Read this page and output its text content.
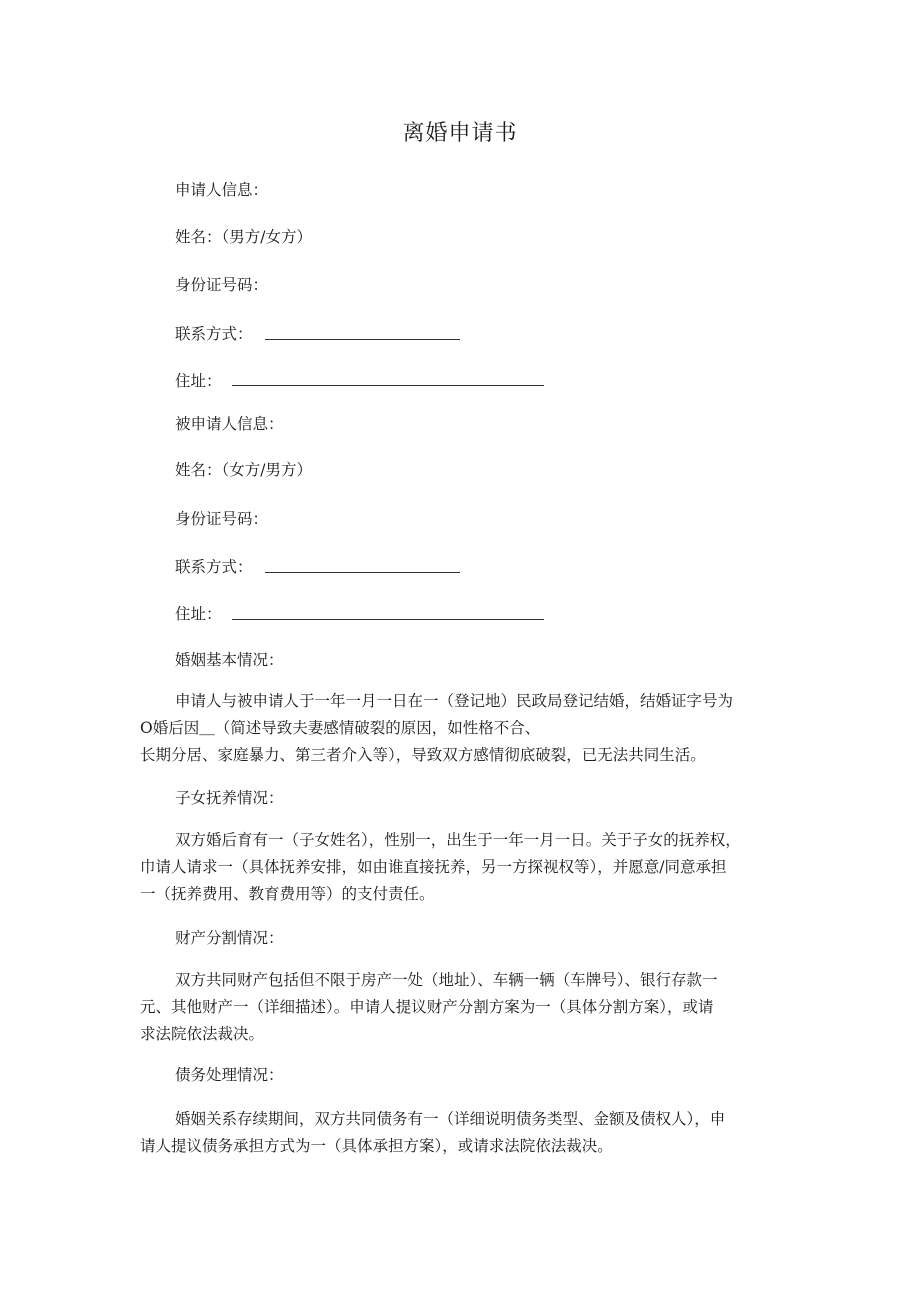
离婚申请书
申请人信息：
姓名：（男方/女方）
身份证号码：
联系方式：
住址：
被申请人信息：
姓名：（女方/男方）
身份证号码：
联系方式：
住址：
婚姻基本情况：
申请人与被申请人于一年一月一日在一（登记地）民政局登记结婚，结婚证字号为
O婚后因＿（简述导致夫妻感情破裂的原因，如性格不合、
长期分居、家庭暴力、第三者介入等），导致双方感情彻底破裂，已无法共同生活。
子女抚养情况：
双方婚后育有一（子女姓名），性别一，出生于一年一月一日。关于子女的抚养权，
巾请人请求一（具体抚养安排，如由谁直接抚养，另一方探视权等），并愿意/同意承担
一（抚养费用、教育费用等）的支付责任。
财产分割情况：
双方共同财产包括但不限于房产一处（地址）、车辆一辆（车牌号）、银行存款一
元、其他财产一（详细描述）。申请人提议财产分割方案为一（具体分割方案），或请
求法院依法裁决。
债务处理情况：
婚姻关系存续期间，双方共同债务有一（详细说明债务类型、金额及债权人），申
请人提议债务承担方式为一（具体承担方案），或请求法院依法裁决。
